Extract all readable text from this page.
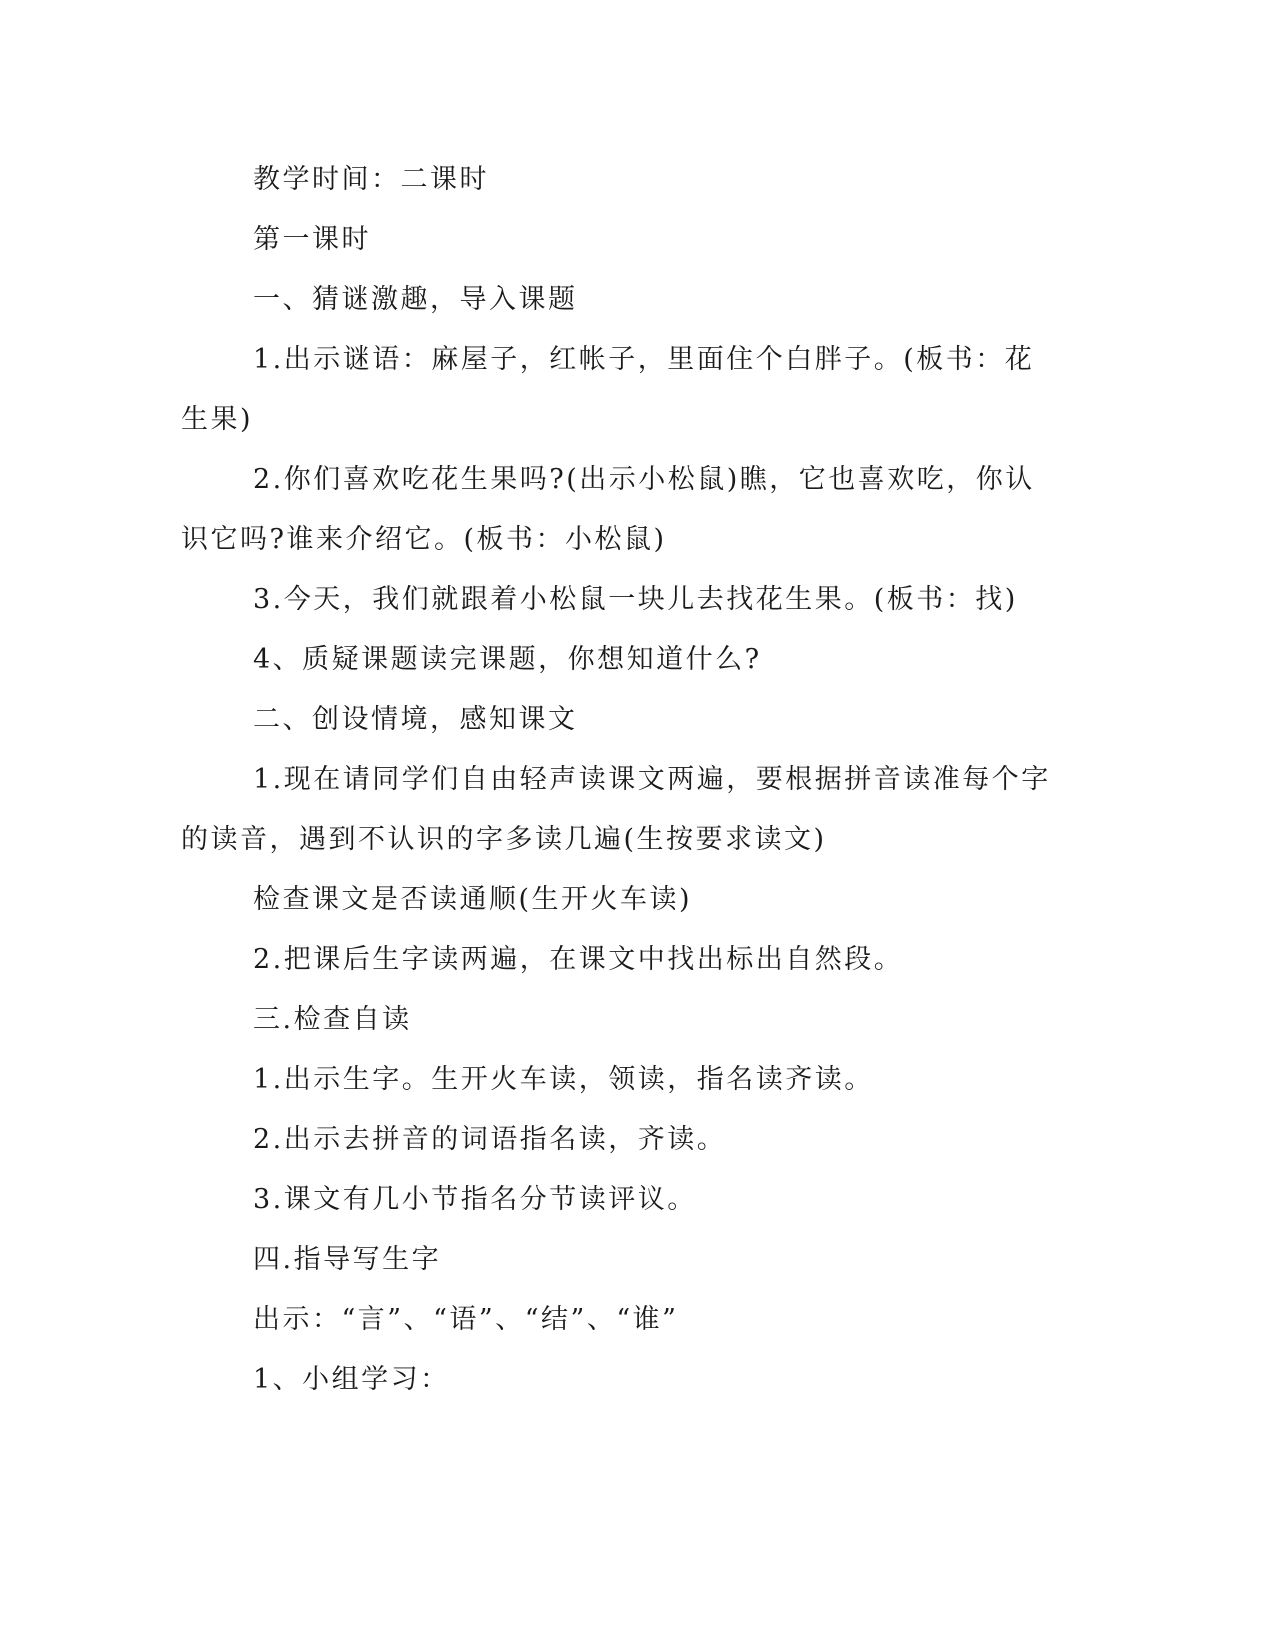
教学时间：二课时

第一课时

一、猜谜激趣，导入课题

1.出示谜语：麻屋子，红帐子，里面住个白胖子。(板书：花生果)

2.你们喜欢吃花生果吗?(出示小松鼠)瞧，它也喜欢吃，你认识它吗?谁来介绍它。(板书：小松鼠)

3.今天，我们就跟着小松鼠一块儿去找花生果。(板书：找)

4、质疑课题读完课题，你想知道什么?

二、创设情境，感知课文

1.现在请同学们自由轻声读课文两遍，要根据拼音读准每个字的读音，遇到不认识的字多读几遍(生按要求读文)

检查课文是否读通顺(生开火车读)

2.把课后生字读两遍，在课文中找出标出自然段。

三.检查自读

1.出示生字。生开火车读，领读，指名读齐读。

2.出示去拼音的词语指名读，齐读。

3.课文有几小节指名分节读评议。

四.指导写生字

出示：“言”、“语”、“结”、“谁”

1、小组学习：
